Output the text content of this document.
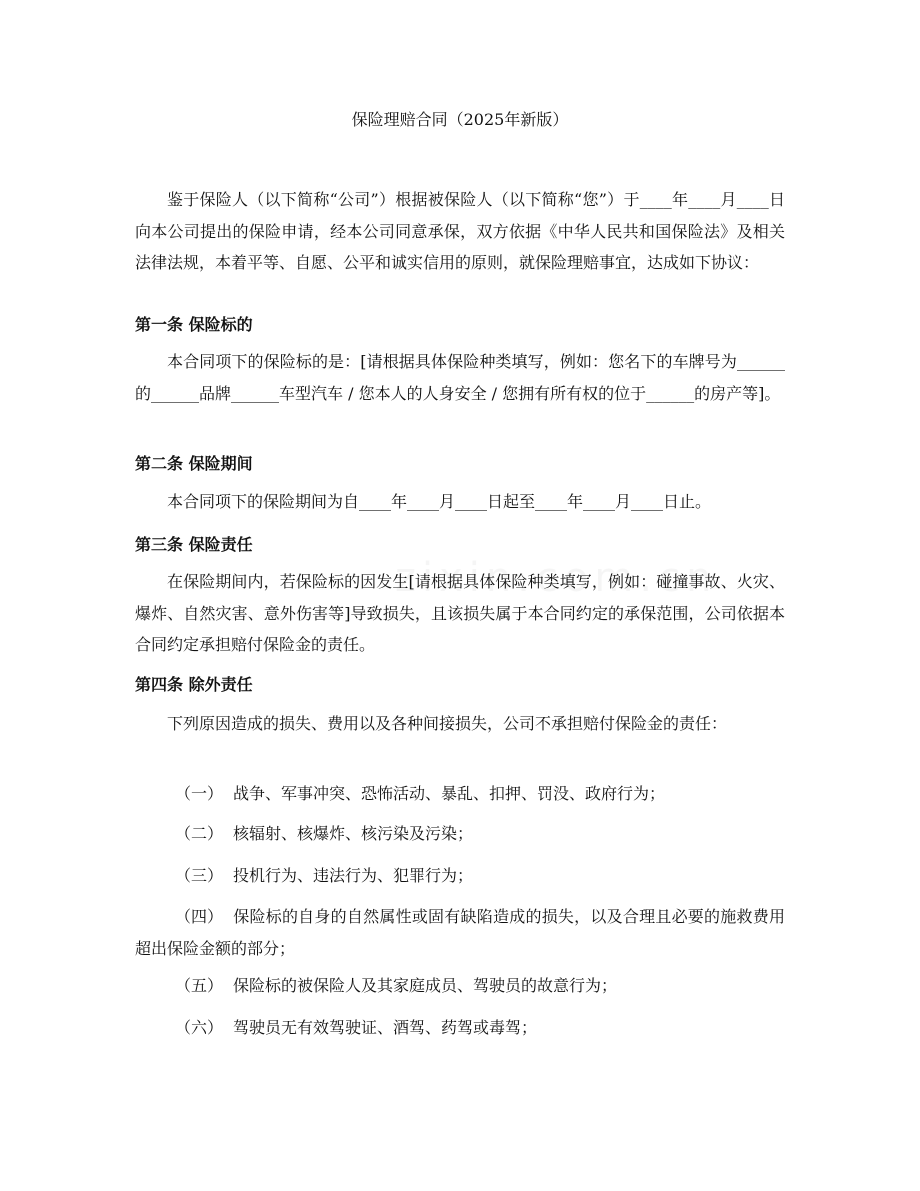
保险理赔合同（2025年新版）

鉴于保险人（以下简称“公司”）根据被保险人（以下简称“您”）于____年____月____日向本公司提出的保险申请，经本公司同意承保，双方依据《中华人民共和国保险法》及相关法律法规，本着平等、自愿、公平和诚实信用的原则，就保险理赔事宜，达成如下协议：

第一条 保险标的

本合同项下的保险标的是：[请根据具体保险种类填写，例如：您名下的车牌号为______的______品牌______车型汽车 / 您本人的人身安全 / 您拥有所有权的位于______的房产等]。

第二条 保险期间

本合同项下的保险期间为自____年____月____日起至____年____月____日止。

第三条 保险责任

在保险期间内，若保险标的因发生[请根据具体保险种类填写，例如：碰撞事故、火灾、爆炸、自然灾害、意外伤害等]导致损失，且该损失属于本合同约定的承保范围，公司依据本合同约定承担赔付保险金的责任。

第四条 除外责任

下列原因造成的损失、费用以及各种间接损失，公司不承担赔付保险金的责任：

（一） 战争、军事冲突、恐怖活动、暴乱、扣押、罚没、政府行为；

（二） 核辐射、核爆炸、核污染及污染；

（三） 投机行为、违法行为、犯罪行为；

（四） 保险标的自身的自然属性或固有缺陷造成的损失，以及合理且必要的施救费用超出保险金额的部分；

（五） 保险标的被保险人及其家庭成员、驾驶员的故意行为；

（六） 驾驶员无有效驾驶证、酒驾、药驾或毒驾；
